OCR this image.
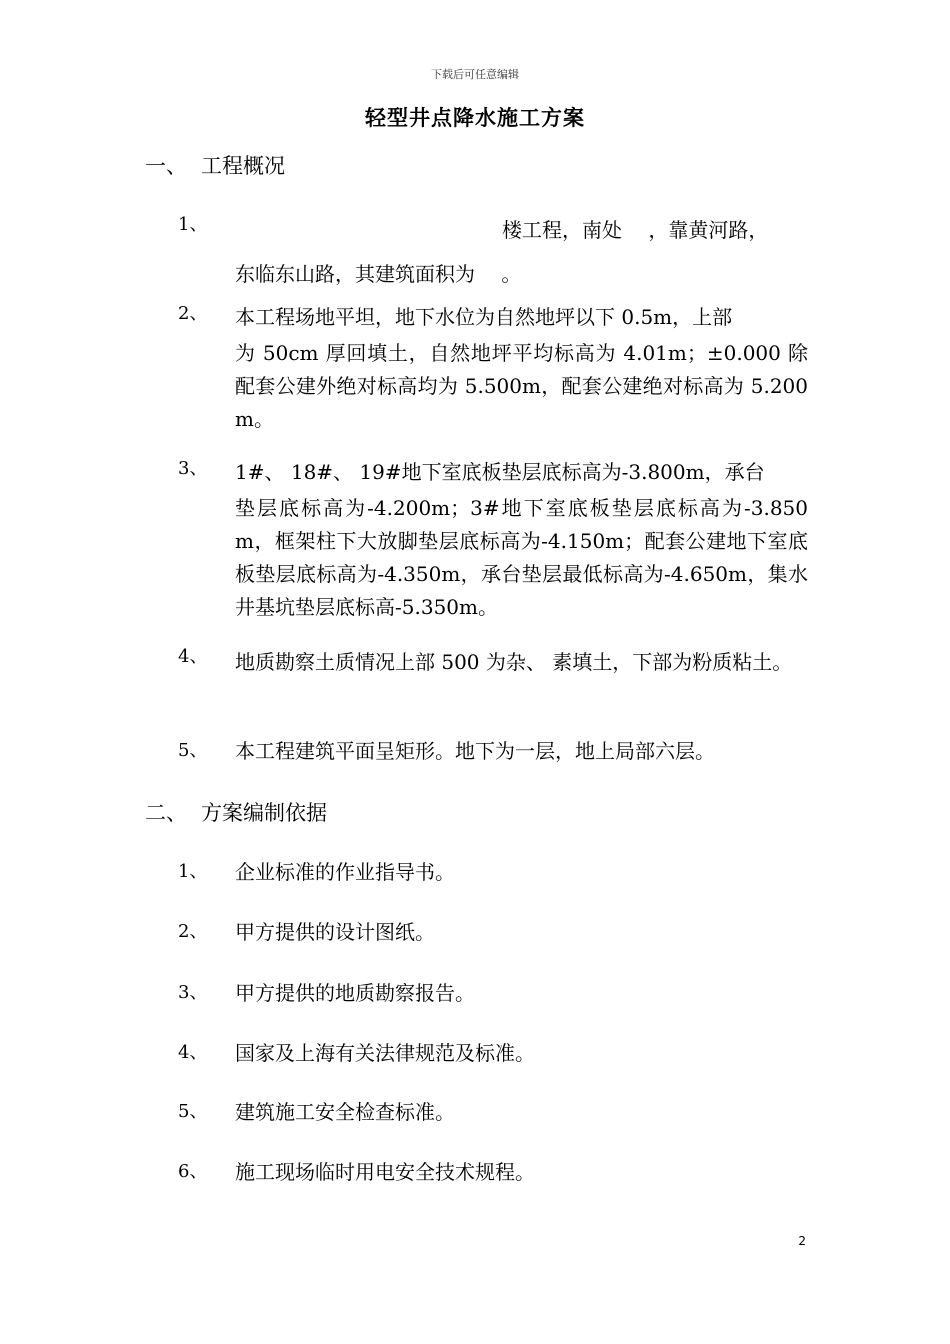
下载后可任意编辑
轻型井点降水施工方案
一、 工程概况
1、	楼工程，南处　 ，靠黄河路，
东临东山路，其建筑面积为　 。
2、 本工程场地平坦，地下水位为自然地坪以下 0.5m，上部
为 50cm 厚回填土，自然地坪平均标高为 4.01m；±0.000 除配套公建外绝对标高均为 5.500m，配套公建绝对标高为 5.200m。
3、 1#、 18#、 19#地下室底板垫层底标高为-3.800m，承台
垫层底标高为-4.200m；3#地下室底板垫层底标高为-3.850m，框架柱下大放脚垫层底标高为-4.150m；配套公建地下室底板垫层底标高为-4.350m，承台垫层最低标高为-4.650m，集水井基坑垫层底标高-5.350m。
4、 地质勘察土质情况上部 500 为杂、 素填土，下部为粉质粘土。
5、 本工程建筑平面呈矩形。地下为一层，地上局部六层。
二、 方案编制依据
1、 企业标准的作业指导书。
2、 甲方提供的设计图纸。
3、 甲方提供的地质勘察报告。
4、 国家及上海有关法律规范及标准。
5、 建筑施工安全检查标准。
6、 施工现场临时用电安全技术规程。
2
